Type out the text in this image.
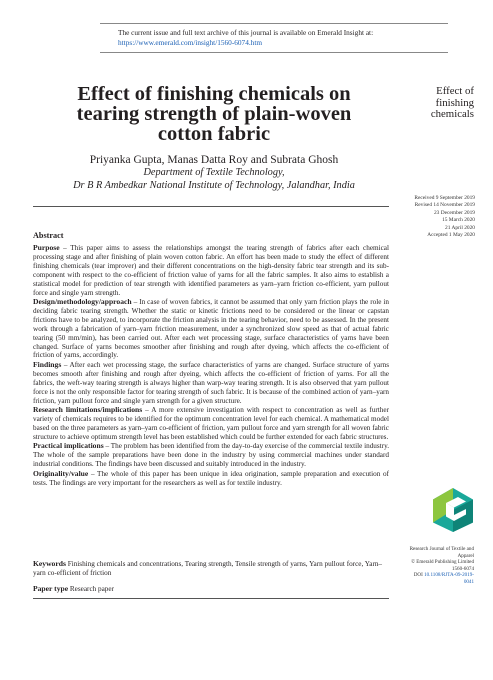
The current issue and full text archive of this journal is available on Emerald Insight at:
https://www.emerald.com/insight/1560-6074.htm
Effect of finishing chemicals on
tearing strength of plain-woven
cotton fabric
Priyanka Gupta, Manas Datta Roy and Subrata Ghosh
Department of Textile Technology,
Dr B R Ambedkar National Institute of Technology, Jalandhar, India
Effect of
finishing
chemicals
Received 9 September 2019
Revised 14 November 2019
23 December 2019
15 March 2020
21 April 2020
Accepted 1 May 2020
Abstract

Purpose – This paper aims to assess the relationships amongst the tearing strength of fabrics after each chemical processing stage and after finishing of plain woven cotton fabric. An effort has been made to study the effect of different finishing chemicals (tear improver) and their different concentrations on the high-density fabric tear strength and its sub-component with respect to the co-efficient of friction value of yarns for all the fabric samples. It also aims to establish a statistical model for prediction of tear strength with identified parameters as yarn–yarn friction co-efficient, yarn pullout force and single yarn strength.

Design/methodology/approach – In case of woven fabrics, it cannot be assumed that only yarn friction plays the role in deciding fabric tearing strength. Whether the static or kinetic frictions need to be considered or the linear or capstan frictions have to be analyzed, to incorporate the friction analysis in the tearing behavior, need to be assessed. In the present work through a fabrication of yarn–yarn friction measurement, under a synchronized slow speed as that of actual fabric tearing (50 mm/min), has been carried out. After each wet processing stage, surface characteristics of yarns have been changed. Surface of yarns becomes smoother after finishing and rough after dyeing, which affects the co-efficient of friction of yarns, accordingly.

Findings – After each wet processing stage, the surface characteristics of yarns are changed. Surface structure of yarns becomes smooth after finishing and rough after dyeing, which affects the co-efficient of friction of yarns. For all the fabrics, the weft-way tearing strength is always higher than warp-way tearing strength. It is also observed that yarn pullout force is not the only responsible factor for tearing strength of such fabric. It is because of the combined action of yarn–yarn friction, yarn pullout force and single yarn strength for a given structure.

Research limitations/implications – A more extensive investigation with respect to concentration as well as further variety of chemicals requires to be identified for the optimum concentration level for each chemical. A mathematical model based on the three parameters as yarn–yarn co-efficient of friction, yarn pullout force and yarn strength for all woven fabric structure to achieve optimum strength level has been established which could be further extended for each fabric structures.

Practical implications – The problem has been identified from the day-to-day exercise of the commercial textile industry. The whole of the sample preparations have been done in the industry by using commercial machines under standard industrial conditions. The findings have been discussed and suitably introduced in the industry.

Originality/value – The whole of this paper has been unique in idea origination, sample preparation and execution of tests. The findings are very important for the researchers as well as for textile industry.

Keywords Finishing chemicals and concentrations, Tearing strength, Tensile strength of yarns, Yarn pullout force, Yarn–yarn co-efficient of friction
Paper type Research paper
Research Journal of Textile and
Apparel
© Emerald Publishing Limited
1560-6074
DOI 10.1108/RJTA-09-2019-0041
